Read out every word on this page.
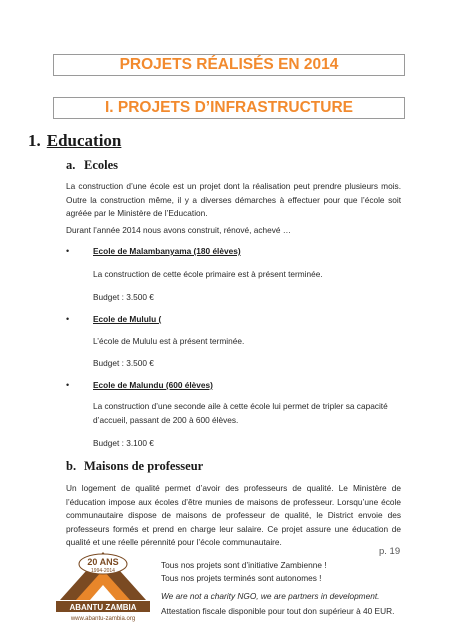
PROJETS RÉALISÉS EN 2014
I. PROJETS D’INFRASTRUCTURE
1. Education
a. Ecoles

La construction d’une école est un projet dont la réalisation peut prendre plusieurs mois. Outre la construction même, il y a diverses démarches à effectuer pour que l’école soit agréée par le Ministère de l’Education.

Durant l’année 2014 nous avons construit, rénové, achevé …

•	Ecole de Malambanyama (180 élèves)

La construction de cette école primaire est à présent terminée.

Budget : 3.500 €

•	Ecole de Mululu (

L’école de Mululu est à présent terminée.

Budget : 3.500 €

•	Ecole de Malundu (600 élèves)

La construction d’une seconde aile à cette école lui permet de tripler sa capacité d’accueil, passant de 200 à 600 élèves.

Budget : 3.100 €

b. Maisons de professeur

Un logement de qualité permet d’avoir des professeurs de qualité. Le Ministère de l’éducation impose aux écoles d’être munies de maisons de professeur. Lorsqu’une école communautaire dispose de maisons de professeur de qualité, le District envoie des professeurs formés et prend en charge leur salaire. Ce projet assure une éducation de qualité et une réelle pérennité pour l’école communautaire.

20 ANS
1994-2014
ABANTU ZAMBIA
www.abantu-zambia.org
Tous nos projets sont d’initiative Zambienne !
Tous nos projets terminés sont autonomes !
We are not a charity NGO, we are partners in development.
Attestation fiscale disponible pour tout don supérieur à 40 EUR.
p. 19
